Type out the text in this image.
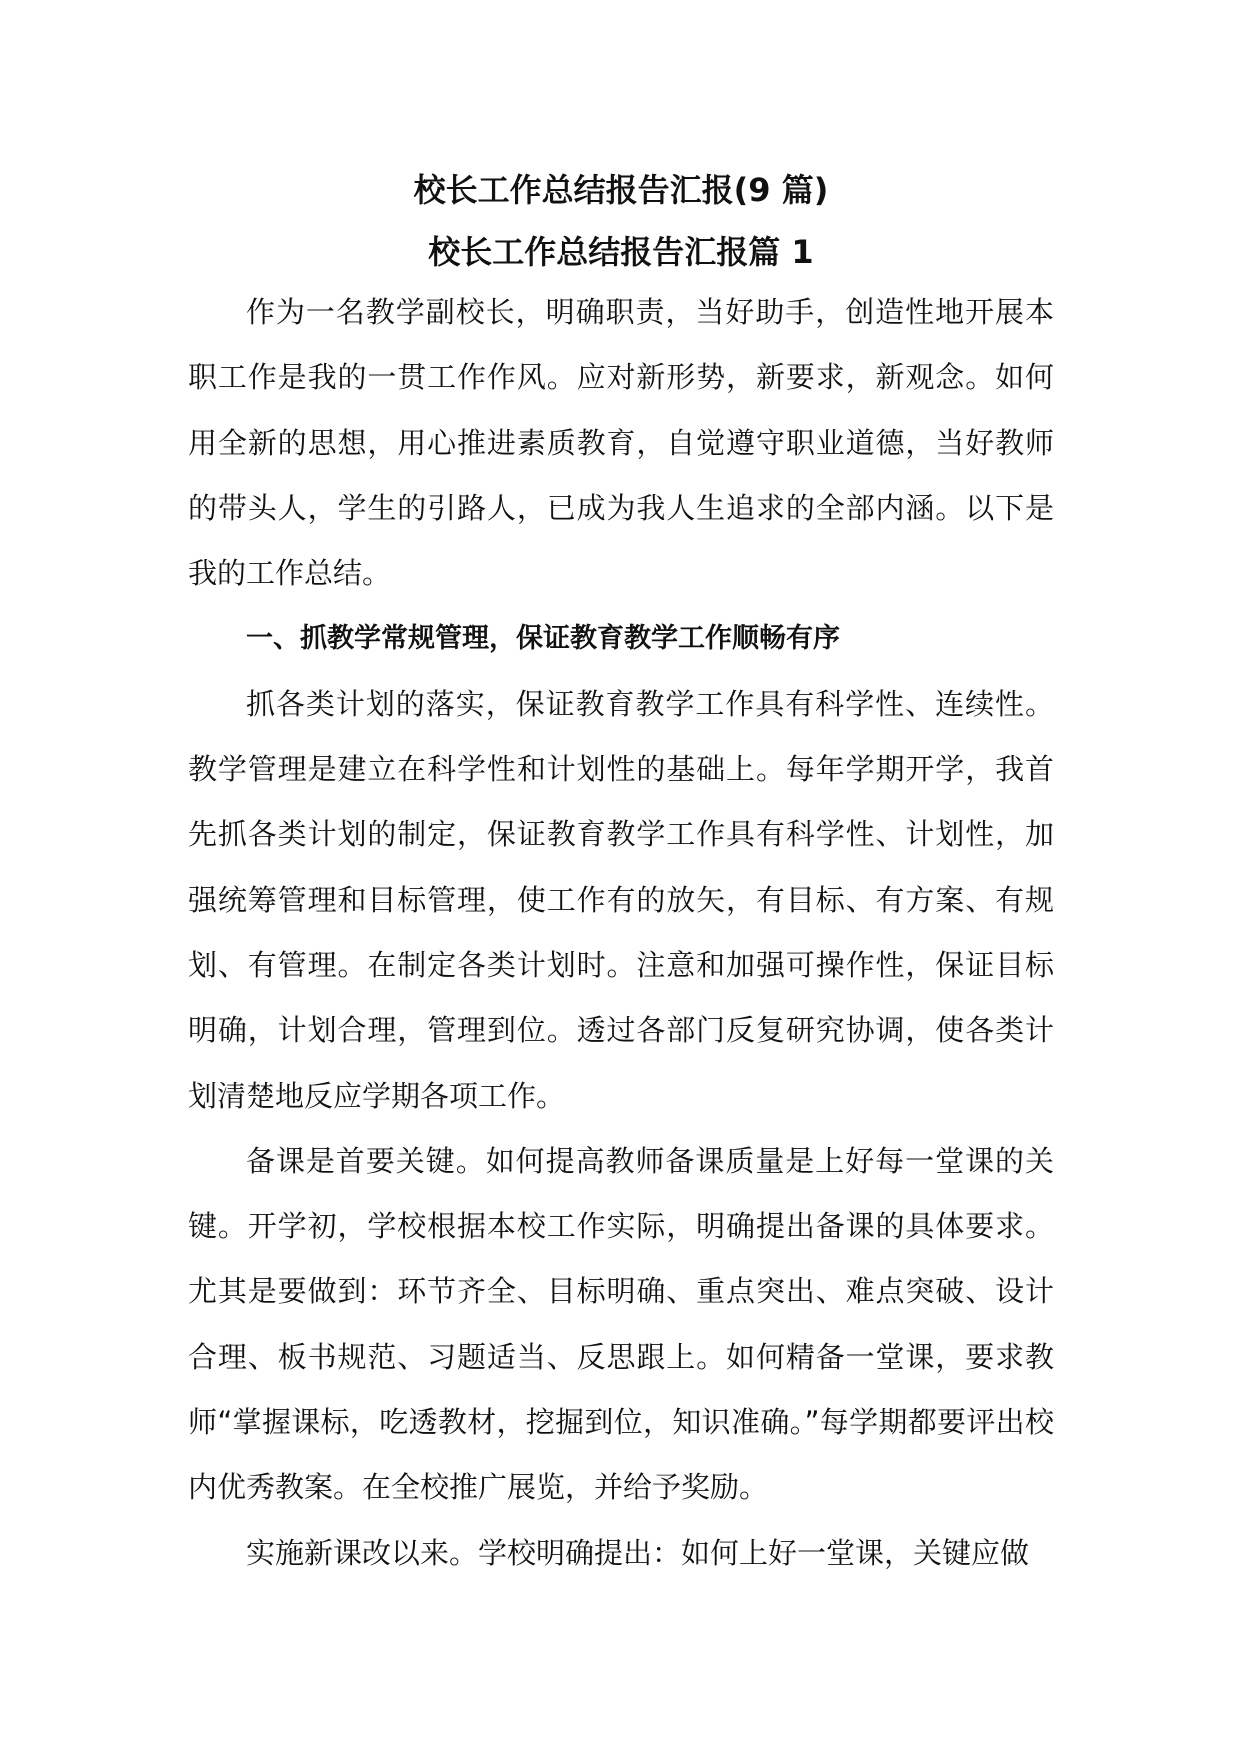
校长工作总结报告汇报(9 篇)
校长工作总结报告汇报篇 1

作为一名教学副校长，明确职责，当好助手，创造性地开展本职工作是我的一贯工作作风。应对新形势，新要求，新观念。如何用全新的思想，用心推进素质教育，自觉遵守职业道德，当好教师的带头人，学生的引路人，已成为我人生追求的全部内涵。以下是我的工作总结。

一、抓教学常规管理，保证教育教学工作顺畅有序

抓各类计划的落实，保证教育教学工作具有科学性、连续性。教学管理是建立在科学性和计划性的基础上。每年学期开学，我首先抓各类计划的制定，保证教育教学工作具有科学性、计划性，加强统筹管理和目标管理，使工作有的放矢，有目标、有方案、有规划、有管理。在制定各类计划时。注意和加强可操作性，保证目标明确，计划合理，管理到位。透过各部门反复研究协调，使各类计划清楚地反应学期各项工作。

备课是首要关键。如何提高教师备课质量是上好每一堂课的关键。开学初，学校根据本校工作实际，明确提出备课的具体要求。尤其是要做到：环节齐全、目标明确、重点突出、难点突破、设计合理、板书规范、习题适当、反思跟上。如何精备一堂课，要求教师“掌握课标，吃透教材，挖掘到位，知识准确。”每学期都要评出校内优秀教案。在全校推广展览，并给予奖励。

实施新课改以来。学校明确提出：如何上好一堂课，关键应做
